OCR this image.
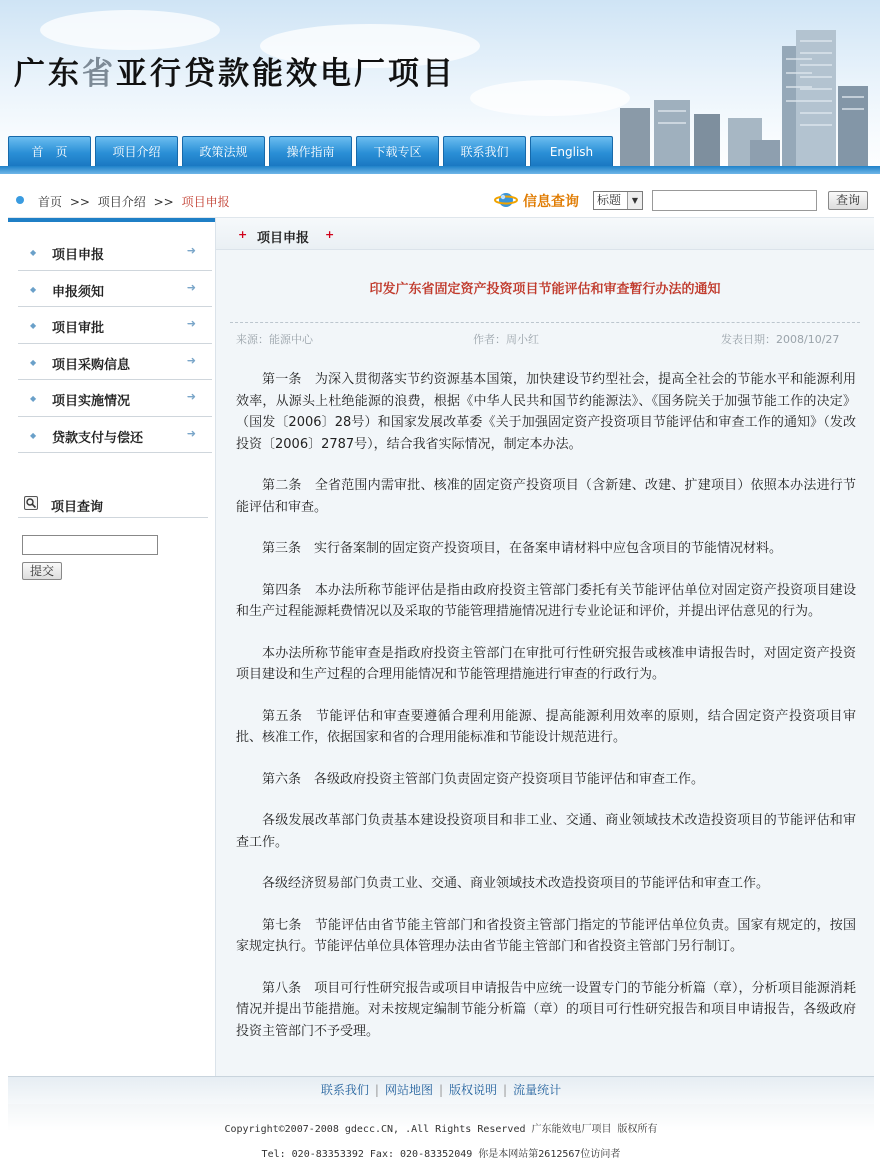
广东省亚行贷款能效电厂项目
首　页	项目介绍	政策法规	操作指南	下载专区	联系我们	English
首页 >> 项目介绍 >> 项目申报	信息查询	标题	▼	查询
◆ 项目申报	➜
◆ 申报须知	➜
◆ 项目审批	➜
◆ 项目采购信息	➜
◆ 项目实施情况	➜
◆ 贷款支付与偿还	➜
项目查询
提交
+ 项目申报 +
印发广东省固定资产投资项目节能评估和审查暂行办法的通知
来源：能源中心	作者：周小红	发表日期：2008/10/27

第一条　为深入贯彻落实节约资源基本国策，加快建设节约型社会，提高全社会的节能水平和能源利用效率，从源头上杜绝能源的浪费，根据《中华人民共和国节约能源法》、《国务院关于加强节能工作的决定》（国发〔2006〕28号）和国家发展改革委《关于加强固定资产投资项目节能评估和审查工作的通知》（发改投资〔2006〕2787号），结合我省实际情况，制定本办法。

第二条　全省范围内需审批、核准的固定资产投资项目（含新建、改建、扩建项目）依照本办法进行节能评估和审查。

第三条　实行备案制的固定资产投资项目，在备案申请材料中应包含项目的节能情况材料。

第四条　本办法所称节能评估是指由政府投资主管部门委托有关节能评估单位对固定资产投资项目建设和生产过程能源耗费情况以及采取的节能管理措施情况进行专业论证和评价，并提出评估意见的行为。

本办法所称节能审查是指政府投资主管部门在审批可行性研究报告或核准申请报告时，对固定资产投资项目建设和生产过程的合理用能情况和节能管理措施进行审查的行政行为。

第五条　节能评估和审查要遵循合理利用能源、提高能源利用效率的原则，结合固定资产投资项目审批、核准工作，依据国家和省的合理用能标准和节能设计规范进行。

第六条　各级政府投资主管部门负责固定资产投资项目节能评估和审查工作。

各级发展改革部门负责基本建设投资项目和非工业、交通、商业领域技术改造投资项目的节能评估和审查工作。

各级经济贸易部门负责工业、交通、商业领域技术改造投资项目的节能评估和审查工作。

第七条　节能评估由省节能主管部门和省投资主管部门指定的节能评估单位负责。国家有规定的，按国家规定执行。节能评估单位具体管理办法由省节能主管部门和省投资主管部门另行制订。

第八条　项目可行性研究报告或项目申请报告中应统一设置专门的节能分析篇（章），分析项目能源消耗情况并提出节能措施。对未按规定编制节能分析篇（章）的项目可行性研究报告和项目申请报告，各级政府投资主管部门不予受理。

联系我们 | 网站地图 | 版权说明 | 流量统计
Copyright©2007-2008 gdecc.CN, .All Rights Reserved 广东能效电厂项目 版权所有
Tel: 020-83353392 Fax: 020-83352049 你是本网站第2612567位访问者
